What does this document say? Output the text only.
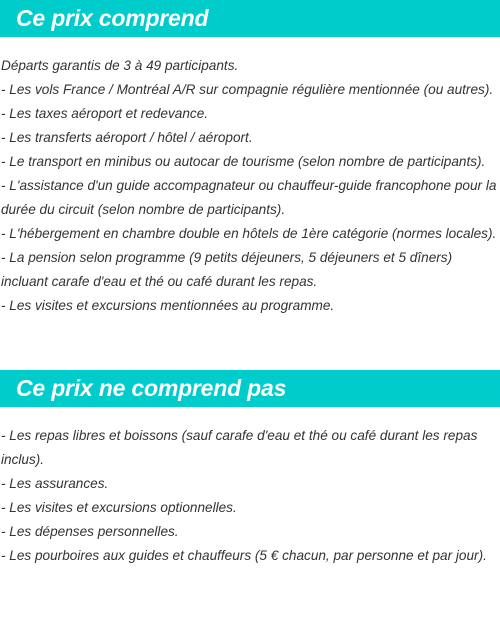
Ce prix comprend

Départs garantis de 3 à 49 participants.

- Les vols France / Montréal A/R sur compagnie régulière mentionnée (ou autres).

- Les taxes aéroport et redevance.

- Les transferts aéroport / hôtel / aéroport.

- Le transport en minibus ou autocar de tourisme (selon nombre de participants).

- L'assistance d'un guide accompagnateur ou chauffeur-guide francophone pour la durée du circuit (selon nombre de participants).

- L'hébergement en chambre double en hôtels de 1ère catégorie (normes locales).

- La pension selon programme (9 petits déjeuners, 5 déjeuners et 5 dîners) incluant carafe d'eau et thé ou café durant les repas.

- Les visites et excursions mentionnées au programme.

Ce prix ne comprend pas

- Les repas libres et boissons (sauf carafe d'eau et thé ou café durant les repas inclus).

- Les assurances.

- Les visites et excursions optionnelles.

- Les dépenses personnelles.

- Les pourboires aux guides et chauffeurs (5 € chacun, par personne et par jour).
